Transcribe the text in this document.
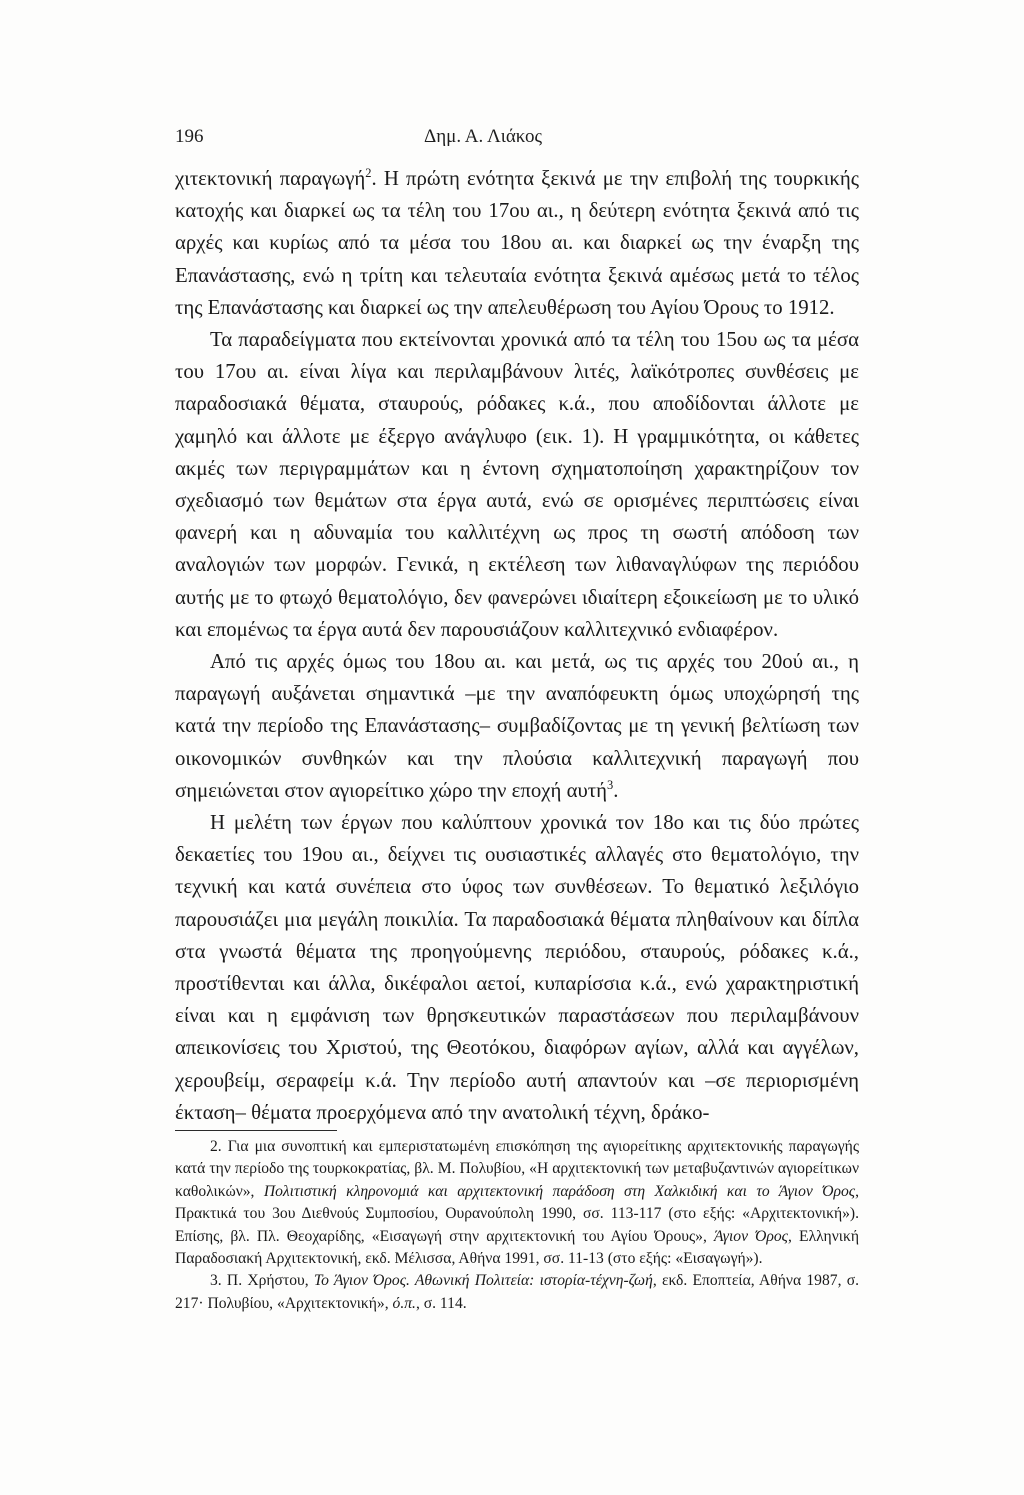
196	Δημ. Α. Λιάκος

χιτεκτονική παραγωγή$^2$. Η πρώτη ενότητα ξεκινά με την επιβολή της τουρκικής κατοχής και διαρκεί ως τα τέλη του 17ου αι., η δεύτερη ενότητα ξεκινά από τις αρχές και κυρίως από τα μέσα του 18ου αι. και διαρκεί ως την έναρξη της Επανάστασης, ενώ η τρίτη και τελευταία ενότητα ξεκινά αμέσως μετά το τέλος της Επανάστασης και διαρκεί ως την απελευθέρωση του Αγίου Όρους το 1912.

Τα παραδείγματα που εκτείνονται χρονικά από τα τέλη του 15ου ως τα μέσα του 17ου αι. είναι λίγα και περιλαμβάνουν λιτές, λαϊκότροπες συνθέσεις με παραδοσιακά θέματα, σταυρούς, ρόδακες κ.ά., που αποδίδονται άλλοτε με χαμηλό και άλλοτε με έξεργο ανάγλυφο (εικ. 1). Η γραμμικότητα, οι κάθετες ακμές των περιγραμμάτων και η έντονη σχηματοποίηση χαρακτηρίζουν τον σχεδιασμό των θεμάτων στα έργα αυτά, ενώ σε ορισμένες περιπτώσεις είναι φανερή και η αδυναμία του καλλιτέχνη ως προς τη σωστή απόδοση των αναλογιών των μορφών. Γενικά, η εκτέλεση των λιθαναγλύφων της περιόδου αυτής με το φτωχό θεματολόγιο, δεν φανερώνει ιδιαίτερη εξοικείωση με το υλικό και επομένως τα έργα αυτά δεν παρουσιάζουν καλλιτεχνικό ενδιαφέρον.

Από τις αρχές όμως του 18ου αι. και μετά, ως τις αρχές του 20ού αι., η παραγωγή αυξάνεται σημαντικά –με την αναπόφευκτη όμως υποχώρησή της κατά την περίοδο της Επανάστασης– συμβαδίζοντας με τη γενική βελτίωση των οικονομικών συνθηκών και την πλούσια καλλιτεχνική παραγωγή που σημειώνεται στον αγιορείτικο χώρο την εποχή αυτή$^3$.

Η μελέτη των έργων που καλύπτουν χρονικά τον 18ο και τις δύο πρώτες δεκαετίες του 19ου αι., δείχνει τις ουσιαστικές αλλαγές στο θεματολόγιο, την τεχνική και κατά συνέπεια στο ύφος των συνθέσεων. Το θεματικό λεξιλόγιο παρουσιάζει μια μεγάλη ποικιλία. Τα παραδοσιακά θέματα πληθαίνουν και δίπλα στα γνωστά θέματα της προηγούμενης περιόδου, σταυρούς, ρόδακες κ.ά., προστίθενται και άλλα, δικέφαλοι αετοί, κυπαρίσσια κ.ά., ενώ χαρακτηριστική είναι και η εμφάνιση των θρησκευτικών παραστάσεων που περιλαμβάνουν απεικονίσεις του Χριστού, της Θεοτόκου, διαφόρων αγίων, αλλά και αγγέλων, χερουβείμ, σεραφείμ κ.ά. Την περίοδο αυτή απαντούν και –σε περιορισμένη έκταση– θέματα προερχόμενα από την ανατολική τέχνη, δράκο-

2. Για μια συνοπτική και εμπεριστατωμένη επισκόπηση της αγιορείτικης αρχιτεκτονικής παραγωγής κατά την περίοδο της τουρκοκρατίας, βλ. Μ. Πολυβίου, «Η αρχιτεκτονική των μεταβυζαντινών αγιορείτικων καθολικών», Πολιτιστική κληρονομιά και αρχιτεκτονική παράδοση στη Χαλκιδική και το Άγιον Όρος, Πρακτικά του 3ου Διεθνούς Συμποσίου, Ουρανούπολη 1990, σσ. 113-117 (στο εξής: «Αρχιτεκτονική»). Επίσης, βλ. Πλ. Θεοχαρίδης, «Εισαγωγή στην αρχιτεκτονική του Αγίου Όρους», Άγιον Όρος, Ελληνική Παραδοσιακή Αρχιτεκτονική, εκδ. Μέλισσα, Αθήνα 1991, σσ. 11-13 (στο εξής: «Εισαγωγή»).

3. Π. Χρήστου, Το Άγιον Όρος. Αθωνική Πολιτεία: ιστορία-τέχνη-ζωή, εκδ. Εποπτεία, Αθήνα 1987, σ. 217· Πολυβίου, «Αρχιτεκτονική», ό.π., σ. 114.
